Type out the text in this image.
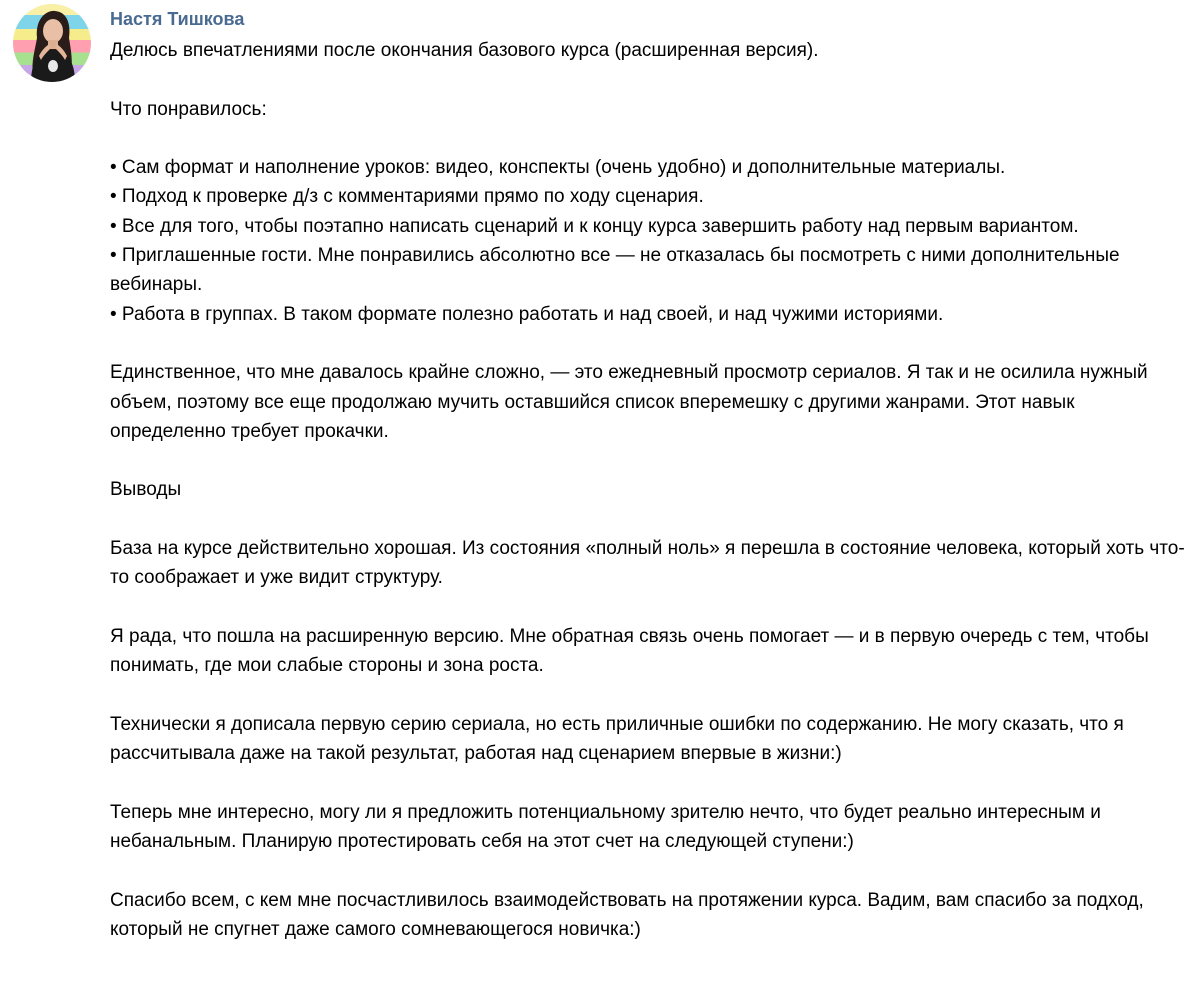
Настя Тишкова

Делюсь впечатлениями после окончания базового курса (расширенная версия).

Что понравилось:

• Сам формат и наполнение уроков: видео, конспекты (очень удобно) и дополнительные материалы.

• Подход к проверке д/з с комментариями прямо по ходу сценария.

• Все для того, чтобы поэтапно написать сценарий и к концу курса завершить работу над первым вариантом.

• Приглашенные гости. Мне понравились абсолютно все — не отказалась бы посмотреть с ними дополнительные вебинары.

• Работа в группах. В таком формате полезно работать и над своей, и над чужими историями.

Единственное, что мне давалось крайне сложно, — это ежедневный просмотр сериалов. Я так и не осилила нужный объем, поэтому все еще продолжаю мучить оставшийся список вперемешку с другими жанрами. Этот навык определенно требует прокачки.

Выводы

База на курсе действительно хорошая. Из состояния «полный ноль» я перешла в состояние человека, который хоть что-то соображает и уже видит структуру.

Я рада, что пошла на расширенную версию. Мне обратная связь очень помогает — и в первую очередь с тем, чтобы понимать, где мои слабые стороны и зона роста.

Технически я дописала первую серию сериала, но есть приличные ошибки по содержанию. Не могу сказать, что я рассчитывала даже на такой результат, работая над сценарием впервые в жизни:)

Теперь мне интересно, могу ли я предложить потенциальному зрителю нечто, что будет реально интересным и небанальным. Планирую протестировать себя на этот счет на следующей ступени:)

Спасибо всем, с кем мне посчастливилось взаимодействовать на протяжении курса. Вадим, вам спасибо за подход, который не спугнет даже самого сомневающегося новичка:)
